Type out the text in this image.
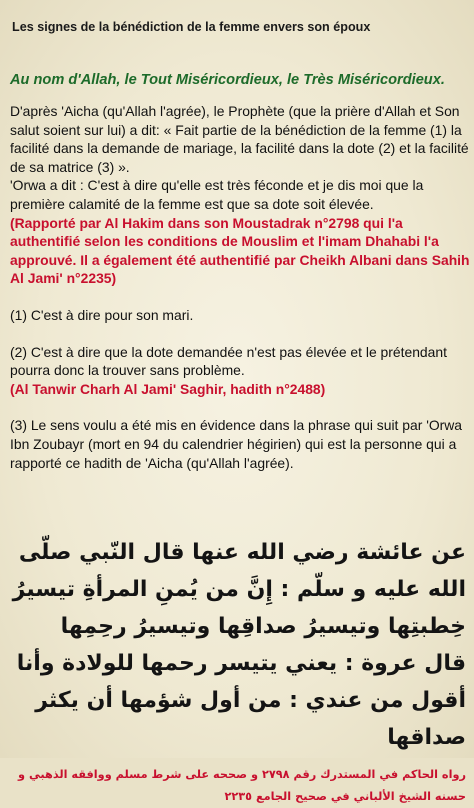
Les signes de la bénédiction de la femme envers son époux
Au nom d'Allah, le Tout Miséricordieux, le Très Miséricordieux.

D'après 'Aicha (qu'Allah l'agrée), le Prophète (que la prière d'Allah et Son salut soient sur lui) a dit: « Fait partie de la bénédiction de la femme (1) la facilité dans la demande de mariage, la facilité dans la dote (2) et la facilité de sa matrice (3) ».

'Orwa a dit : C'est à dire qu'elle est très féconde et je dis moi que la première calamité de la femme est que sa dote soit élevée.

(Rapporté par Al Hakim dans son Moustadrak n°2798 qui l'a authentifié selon les conditions de Mouslim et l'imam Dhahabi l'a approuvé. Il a également été authentifié par Cheikh Albani dans Sahih Al Jami' n°2235)

(1) C'est à dire pour son mari.

(2) C'est à dire que la dote demandée n'est pas élevée et le prétendant pourra donc la trouver sans problème.

(Al Tanwir Charh Al Jami' Saghir, hadith n°2488)

(3) Le sens voulu a été mis en évidence dans la phrase qui suit par 'Orwa Ibn Zoubayr (mort en 94 du calendrier hégirien) qui est la personne qui a rapporté ce hadith de 'Aicha (qu'Allah l'agrée).

عن عائشة رضي الله عنها قال النّبي صلّى الله عليه و سلّم : إِنَّ من يُمنِ المرأةِ تيسيرُ خِطبتِها وتيسيرُ صداقِها وتيسيرُ رحِمِها

قال عروة : يعني يتيسر رحمها للولادة وأنا أقول من عندي : من أول شؤمها أن يكثر صداقها

رواه الحاكم في المستدرك رقم ٢٧٩٨ و صححه على شرط مسلم ووافقه الذهبي و حسنه الشيخ الألباني في صحيح الجامع ٢٢٣٥
